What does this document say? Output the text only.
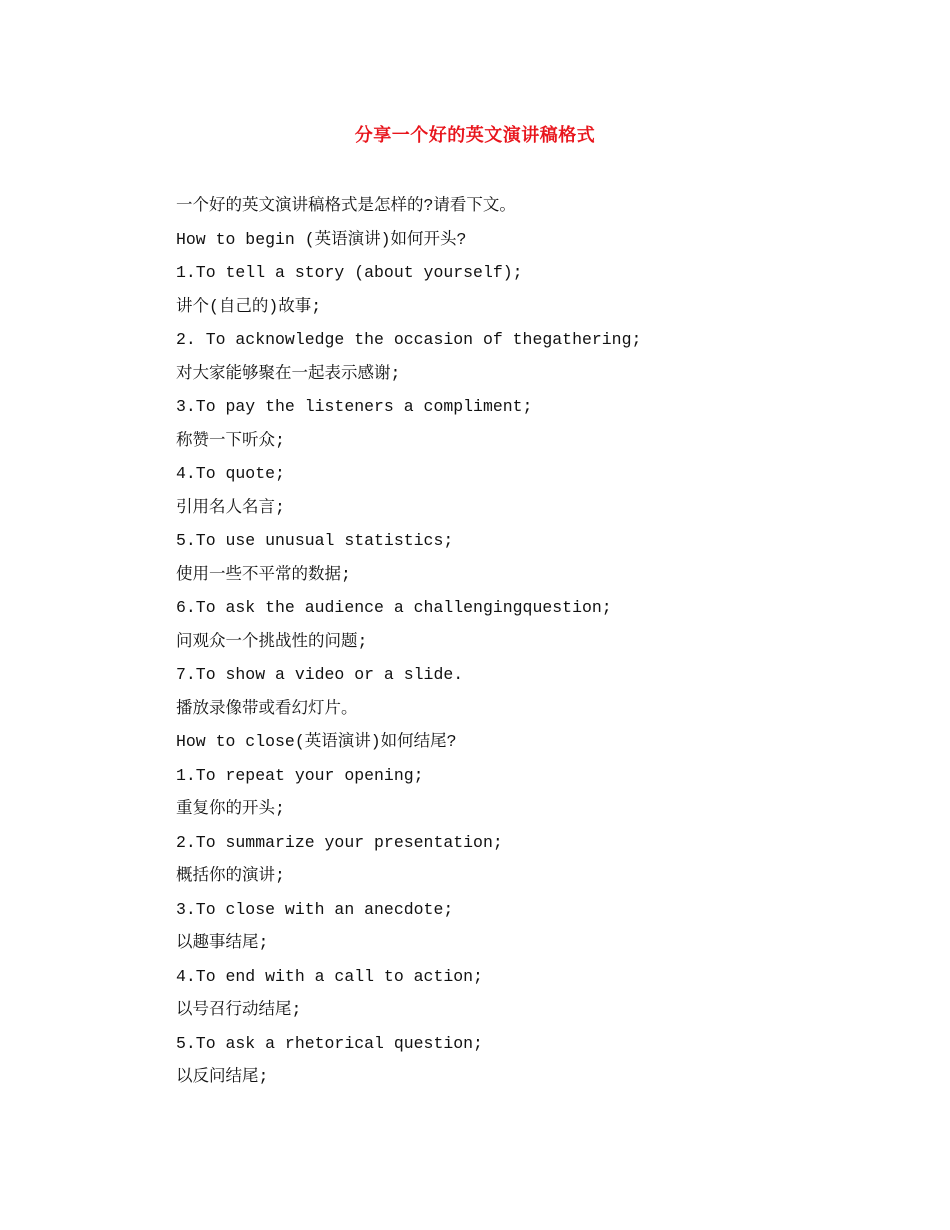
分享一个好的英文演讲稿格式
一个好的英文演讲稿格式是怎样的?请看下文。
How to begin (英语演讲)如何开头?
1.To tell a story (about yourself);
讲个(自己的)故事;
2. To acknowledge the occasion of thegathering;
对大家能够聚在一起表示感谢;
3.To pay the listeners a compliment;
称赞一下听众;
4.To quote;
引用名人名言;
5.To use unusual statistics;
使用一些不平常的数据;
6.To ask the audience a challengingquestion;
问观众一个挑战性的问题;
7.To show a video or a slide.
播放录像带或看幻灯片。
How to close(英语演讲)如何结尾?
1.To repeat your opening;
重复你的开头;
2.To summarize your presentation;
概括你的演讲;
3.To close with an anecdote;
以趣事结尾;
4.To end with a call to action;
以号召行动结尾;
5.To ask a rhetorical question;
以反问结尾;
